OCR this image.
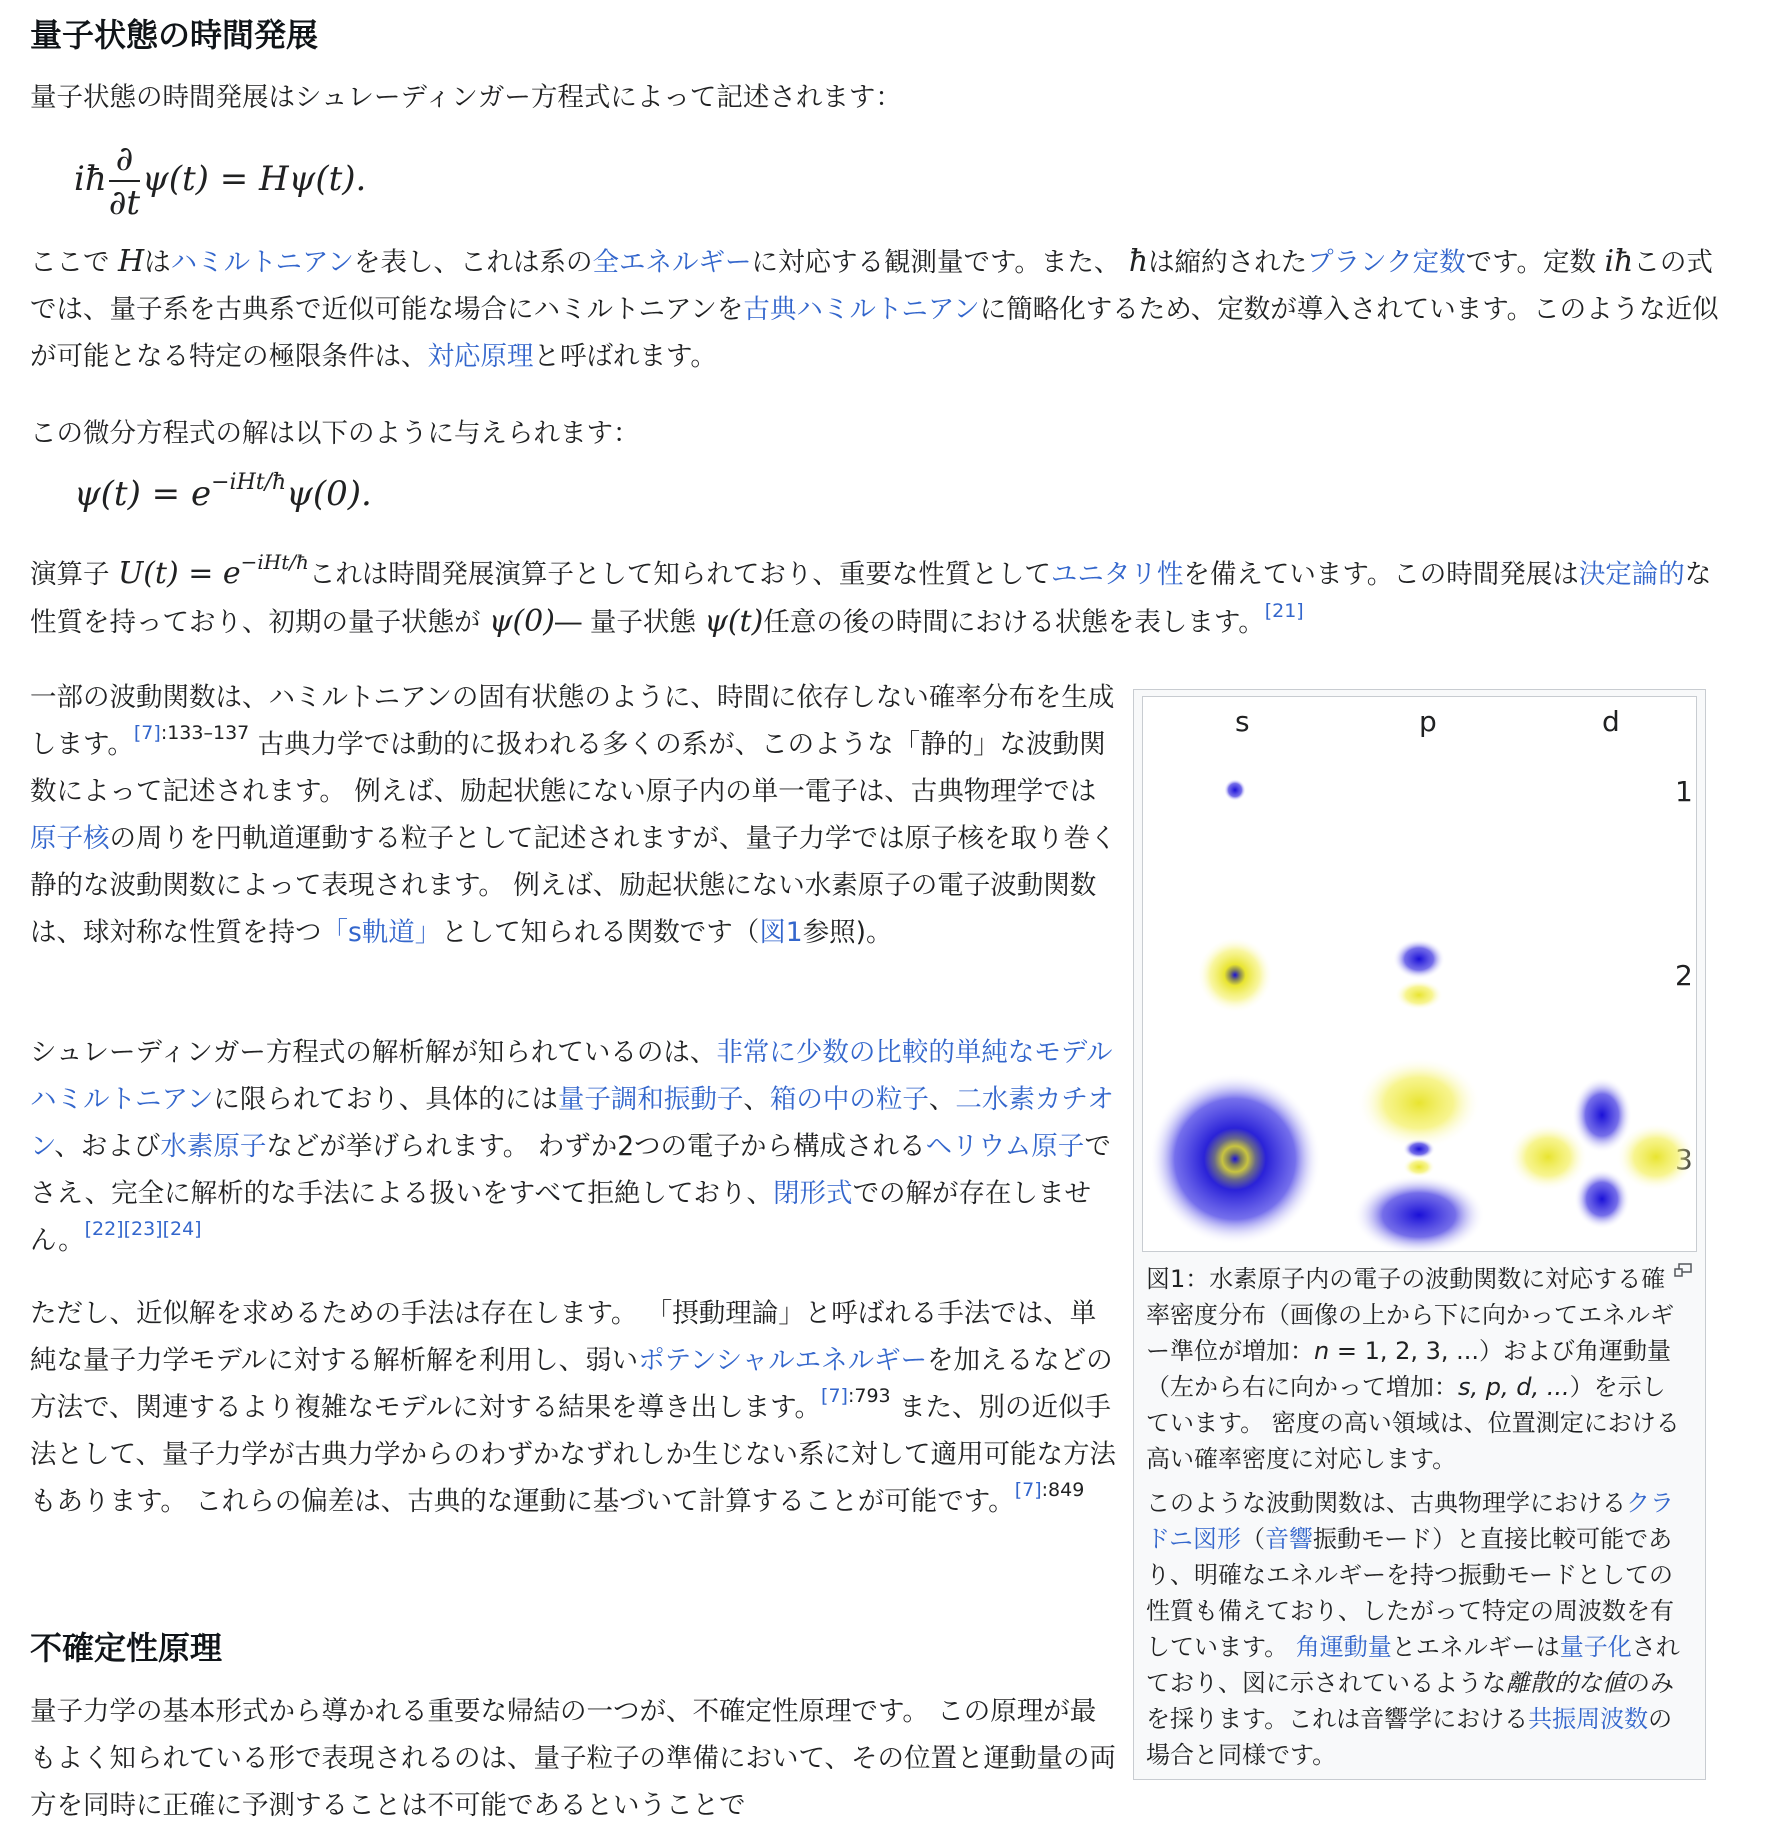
量子状態の時間発展

量子状態の時間発展はシュレーディンガー方程式によって記述されます：

iħ $\frac{\partial}{\partial t} \psi(t) = H\psi(t)$.

ここで Hはハミルトニアンを表し、これは系の全エネルギーに対応する観測量です。また、 ħは縮約されたプランク定数です。定数 iħこの式では、量子系を古典系で近似可能な場合にハミルトニアンを古典ハミルトニアンに簡略化するため、定数が導入されています。このような近似が可能となる特定の極限条件は、対応原理と呼ばれます。

この微分方程式の解は以下のように与えられます：

$\psi(t) = e^{-iHt/ħ}\psi(0)$.

演算子 $U(t) = e^{-iHt/ħ}$これは時間発展演算子として知られており、重要な性質としてユニタリ性を備えています。この時間発展は決定論的な性質を持っており、初期の量子状態が ψ(0)― 量子状態 ψ(t)任意の後の時間における状態を表します。[21]

一部の波動関数は、ハミルトニアンの固有状態のように、時間に依存しない確率分布を生成します。$^{[7]:133-137}$ 古典力学では動的に扱われる多くの系が、このような「静的」な波動関数によって記述されます。 例えば、励起状態にない原子内の単一電子は、古典物理学では原子核の周りを円軌道運動する粒子として記述されますが、量子力学では原子核を取り巻く静的な波動関数によって表現されます。 例えば、励起状態にない水素原子の電子波動関数は、球対称な性質を持つ「s軌道」として知られる関数です（図1参照)。

シュレーディンガー方程式の解析解が知られているのは、非常に少数の比較的単純なモデルハミルトニアンに限られており、具体的には量子調和振動子、箱の中の粒子、二水素カチオン、および水素原子などが挙げられます。 わずか2つの電子から構成されるヘリウム原子でさえ、完全に解析的な手法による扱いをすべて拒絶しており、閉形式での解が存在しません。[22][23][24]

ただし、近似解を求めるための手法は存在します。 「摂動理論」と呼ばれる手法では、単純な量子力学モデルに対する解析解を利用し、弱いポテンシャルエネルギーを加えるなどの方法で、関連するより複雑なモデルに対する結果を導き出します。$^{[7]:793}$ また、別の近似手法として、量子力学が古典力学からのわずかなずれしか生じない系に対して適用可能な方法もあります。 これらの偏差は、古典的な運動に基づいて計算することが可能です。$^{[7]:849}$

不確定性原理

量子力学の基本形式から導かれる重要な帰結の一つが、不確定性原理です。 この原理が最もよく知られている形で表現されるのは、量子粒子の準備において、その位置と運動量の両方を同時に正確に予測することは不可能であるということで

s	p	d
1
2

図1：水素原子内の電子の波動関数に対応する確率密度分布（画像の上から下に向かってエネルギー準位が増加：n = 1, 2, 3, ...）および角運動量（左から右に向かって増加：s, p, d, ...）を示しています。 密度の高い領域は、位置測定における高い確率密度に対応します。

このような波動関数は、古典物理学におけるクラドニ図形（音響振動モード）と直接比較可能であり、明確なエネルギーを持つ振動モードとしての性質も備えており、したがって特定の周波数を有しています。 角運動量とエネルギーは量子化されており、図に示されているような離散的な値のみを採ります。これは音響学における共振周波数の場合と同様です。
